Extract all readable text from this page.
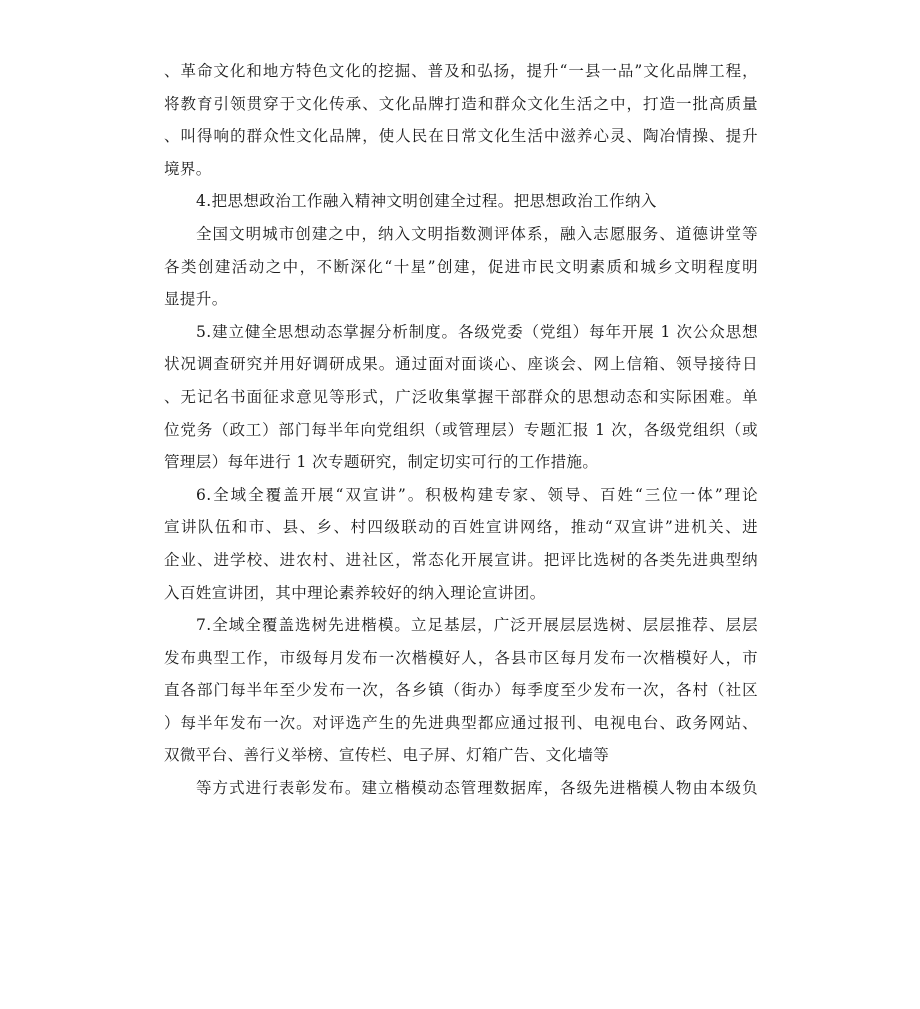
、革命文化和地方特色文化的挖掘、普及和弘扬，提升“一县一品”文化品牌工程，
将教育引领贯穿于文化传承、文化品牌打造和群众文化生活之中，打造一批高质量
、叫得响的群众性文化品牌，使人民在日常文化生活中滋养心灵、陶冶情操、提升
境界。
4.把思想政治工作融入精神文明创建全过程。把思想政治工作纳入
全国文明城市创建之中，纳入文明指数测评体系，融入志愿服务、道德讲堂等
各类创建活动之中，不断深化“十星”创建，促进市民文明素质和城乡文明程度明
显提升。
5.建立健全思想动态掌握分析制度。各级党委（党组）每年开展 1 次公众思想
状况调查研究并用好调研成果。通过面对面谈心、座谈会、网上信箱、领导接待日
、无记名书面征求意见等形式，广泛收集掌握干部群众的思想动态和实际困难。单
位党务（政工）部门每半年向党组织（或管理层）专题汇报 1 次，各级党组织（或
管理层）每年进行 1 次专题研究，制定切实可行的工作措施。
6.全域全覆盖开展“双宣讲”。积极构建专家、领导、百姓“三位一体”理论
宣讲队伍和市、县、乡、村四级联动的百姓宣讲网络，推动“双宣讲”进机关、进
企业、进学校、进农村、进社区，常态化开展宣讲。把评比选树的各类先进典型纳
入百姓宣讲团，其中理论素养较好的纳入理论宣讲团。
7.全域全覆盖选树先进楷模。立足基层，广泛开展层层选树、层层推荐、层层
发布典型工作，市级每月发布一次楷模好人，各县市区每月发布一次楷模好人，市
直各部门每半年至少发布一次，各乡镇（街办）每季度至少发布一次，各村（社区
）每半年发布一次。对评选产生的先进典型都应通过报刊、电视电台、政务网站、
双微平台、善行义举榜、宣传栏、电子屏、灯箱广告、文化墙等
等方式进行表彰发布。建立楷模动态管理数据库，各级先进楷模人物由本级负
